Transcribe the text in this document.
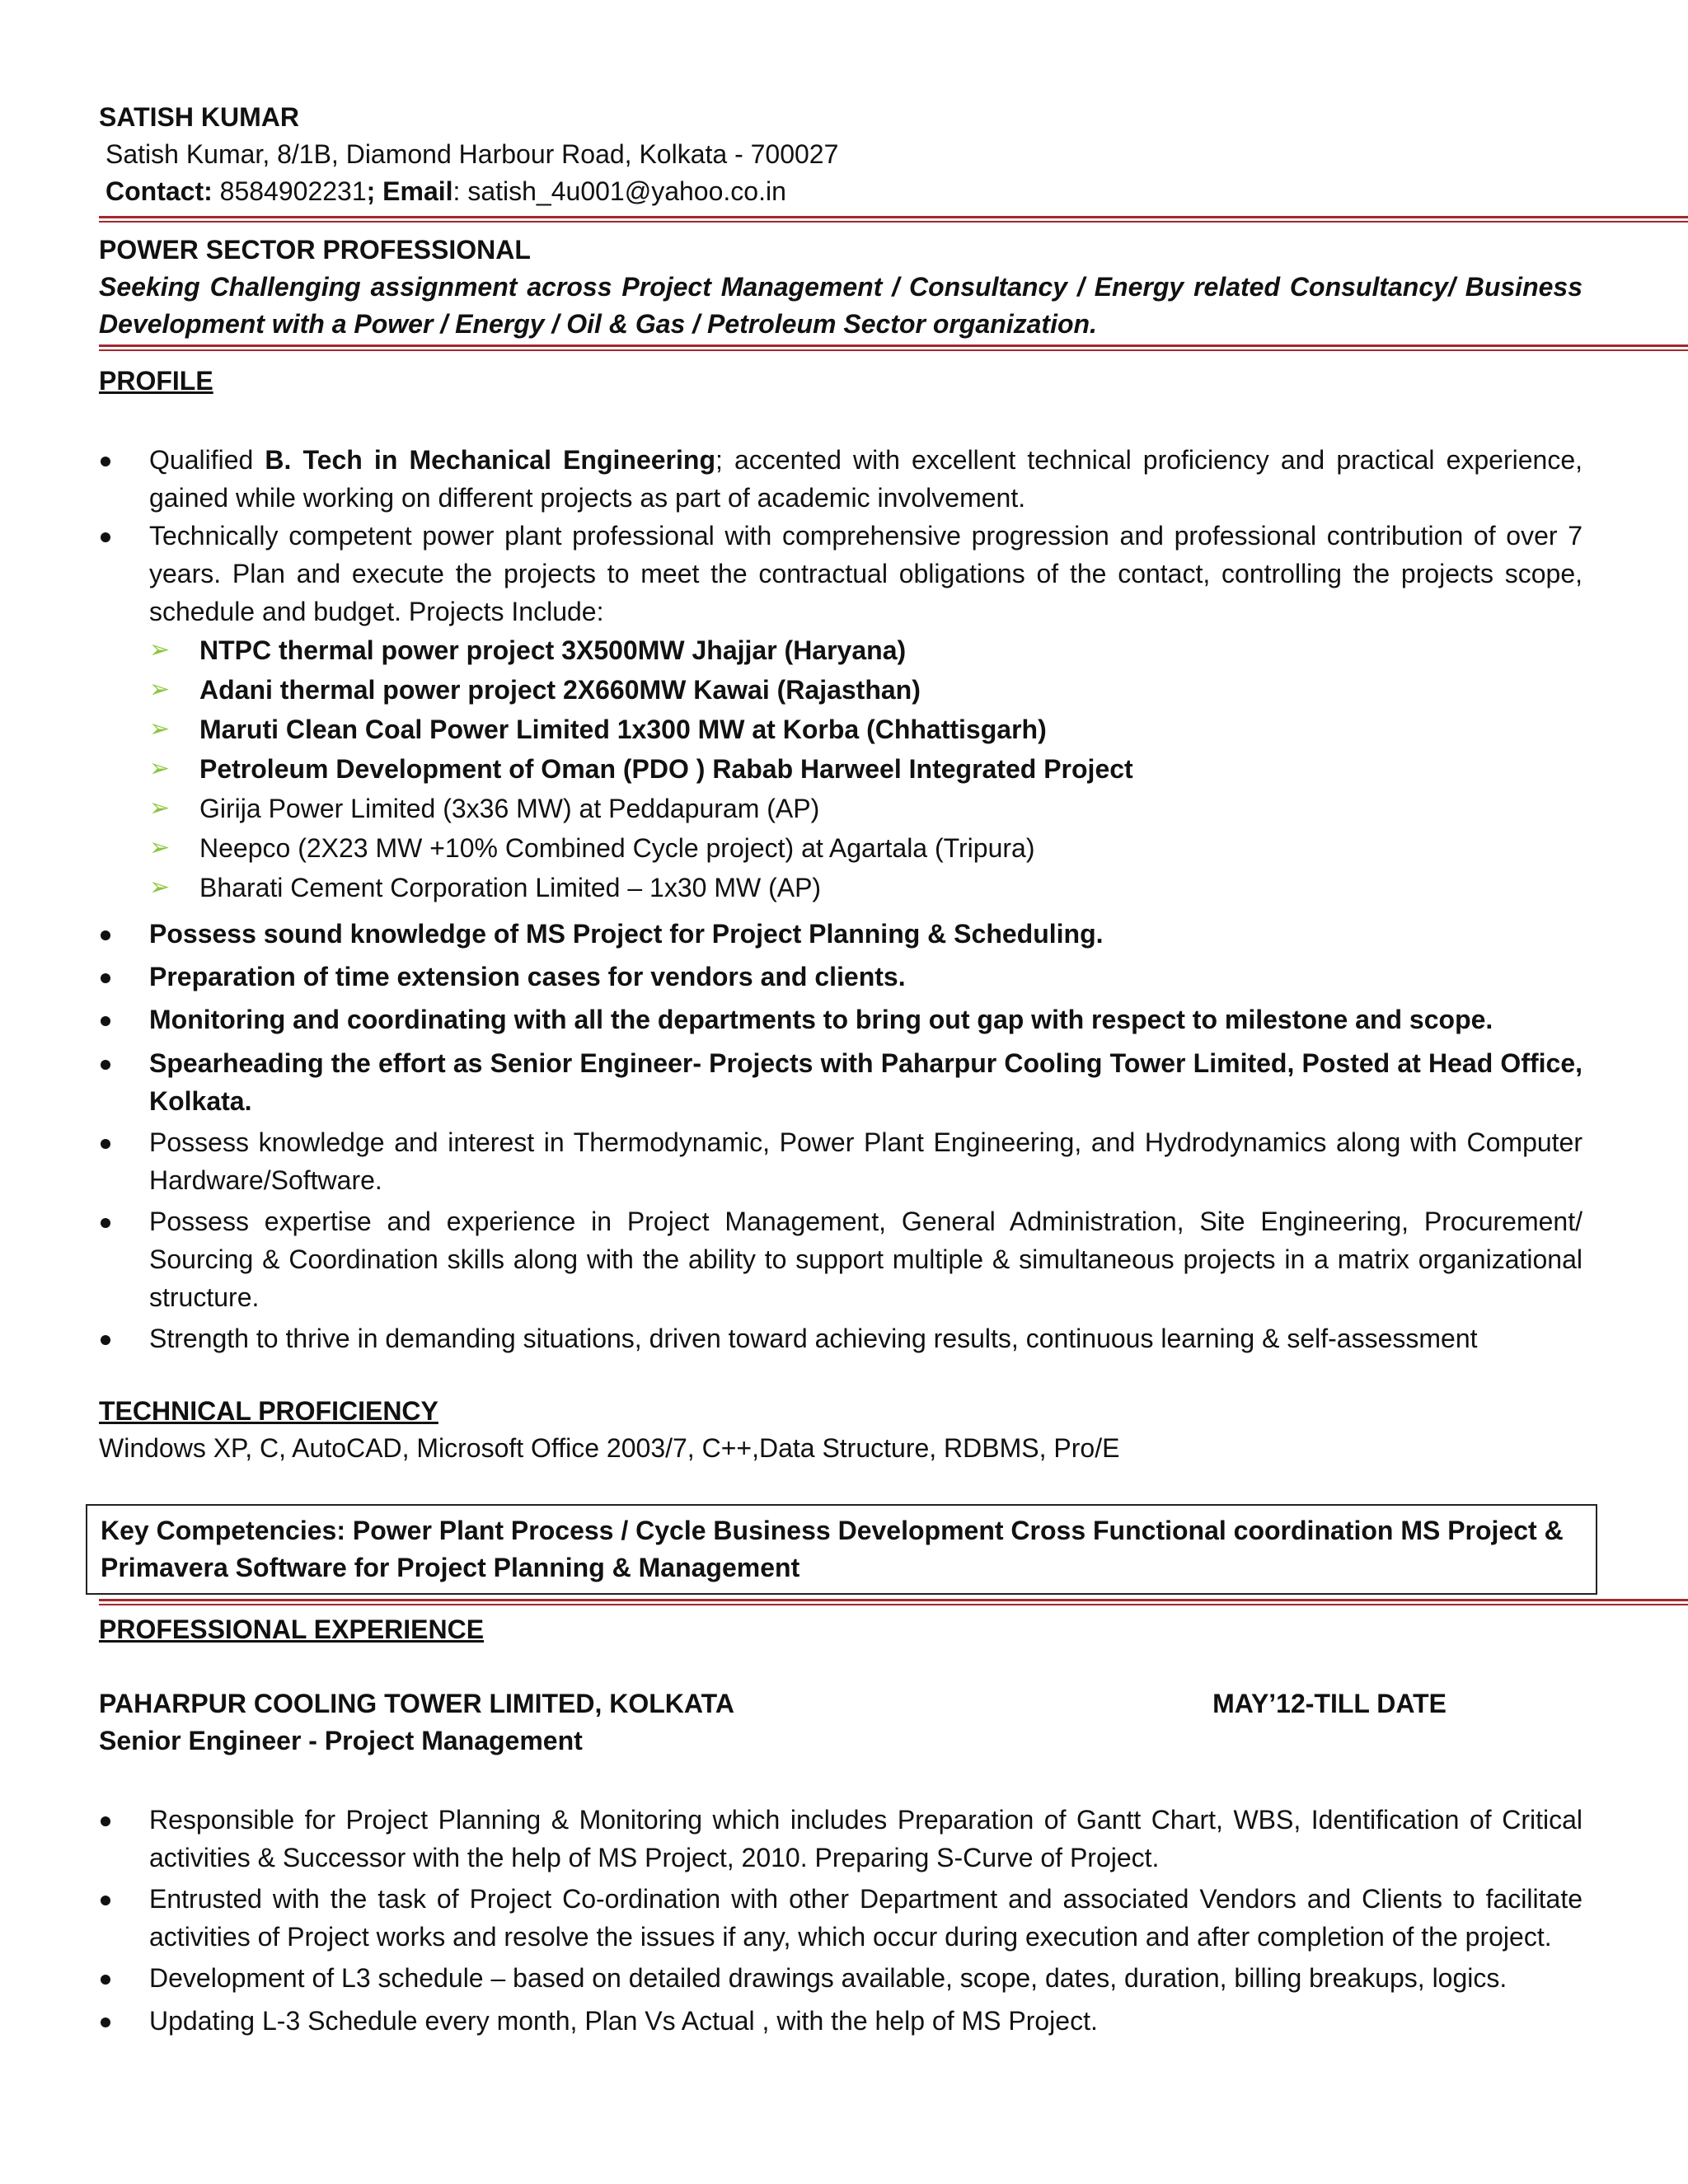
SATISH KUMAR
Satish Kumar, 8/1B, Diamond Harbour Road, Kolkata - 700027
Contact: 8584902231; Email: satish_4u001@yahoo.co.in
POWER SECTOR PROFESSIONAL
Seeking Challenging assignment across Project Management / Consultancy / Energy related Consultancy/ Business Development with a Power / Energy / Oil & Gas / Petroleum Sector organization.
PROFILE
Qualified B. Tech in Mechanical Engineering; accented with excellent technical proficiency and practical experience, gained while working on different projects as part of academic involvement.
Technically competent power plant professional with comprehensive progression and professional contribution of over 7 years. Plan and execute the projects to meet the contractual obligations of the contact, controlling the projects scope, schedule and budget. Projects Include:
➢ NTPC thermal power project 3X500MW Jhajjar (Haryana)
➢ Adani thermal power project 2X660MW Kawai (Rajasthan)
➢ Maruti Clean Coal Power Limited 1x300 MW at Korba (Chhattisgarh)
➢ Petroleum Development of Oman (PDO ) Rabab Harweel Integrated Project
➢ Girija Power Limited (3x36 MW) at Peddapuram (AP)
➢ Neepco (2X23 MW +10% Combined Cycle project) at Agartala (Tripura)
➢ Bharati Cement Corporation Limited – 1x30 MW (AP)
Possess sound knowledge of MS Project for Project Planning & Scheduling.
Preparation of time extension cases for vendors and clients.
Monitoring and coordinating with all the departments to bring out gap with respect to milestone and scope.
Spearheading the effort as Senior Engineer- Projects with Paharpur Cooling Tower Limited, Posted at Head Office, Kolkata.
Possess knowledge and interest in Thermodynamic, Power Plant Engineering, and Hydrodynamics along with Computer Hardware/Software.
Possess expertise and experience in Project Management, General Administration, Site Engineering, Procurement/ Sourcing & Coordination skills along with the ability to support multiple & simultaneous projects in a matrix organizational structure.
Strength to thrive in demanding situations, driven toward achieving results, continuous learning & self-assessment
TECHNICAL PROFICIENCY
Windows XP, C, AutoCAD, Microsoft Office 2003/7, C++,Data Structure, RDBMS, Pro/E
Key Competencies: Power Plant Process / Cycle Business Development Cross Functional coordination MS Project & Primavera Software for Project Planning & Management
PROFESSIONAL EXPERIENCE
PAHARPUR COOLING TOWER LIMITED, KOLKATA	MAY’12-TILL DATE
Senior Engineer - Project Management
Responsible for Project Planning & Monitoring which includes Preparation of Gantt Chart, WBS, Identification of Critical activities & Successor with the help of MS Project, 2010. Preparing S-Curve of Project.
Entrusted with the task of Project Co-ordination with other Department and associated Vendors and Clients to facilitate activities of Project works and resolve the issues if any, which occur during execution and after completion of the project.
Development of L3 schedule – based on detailed drawings available, scope, dates, duration, billing breakups, logics.
Updating L-3 Schedule every month, Plan Vs Actual , with the help of MS Project.
